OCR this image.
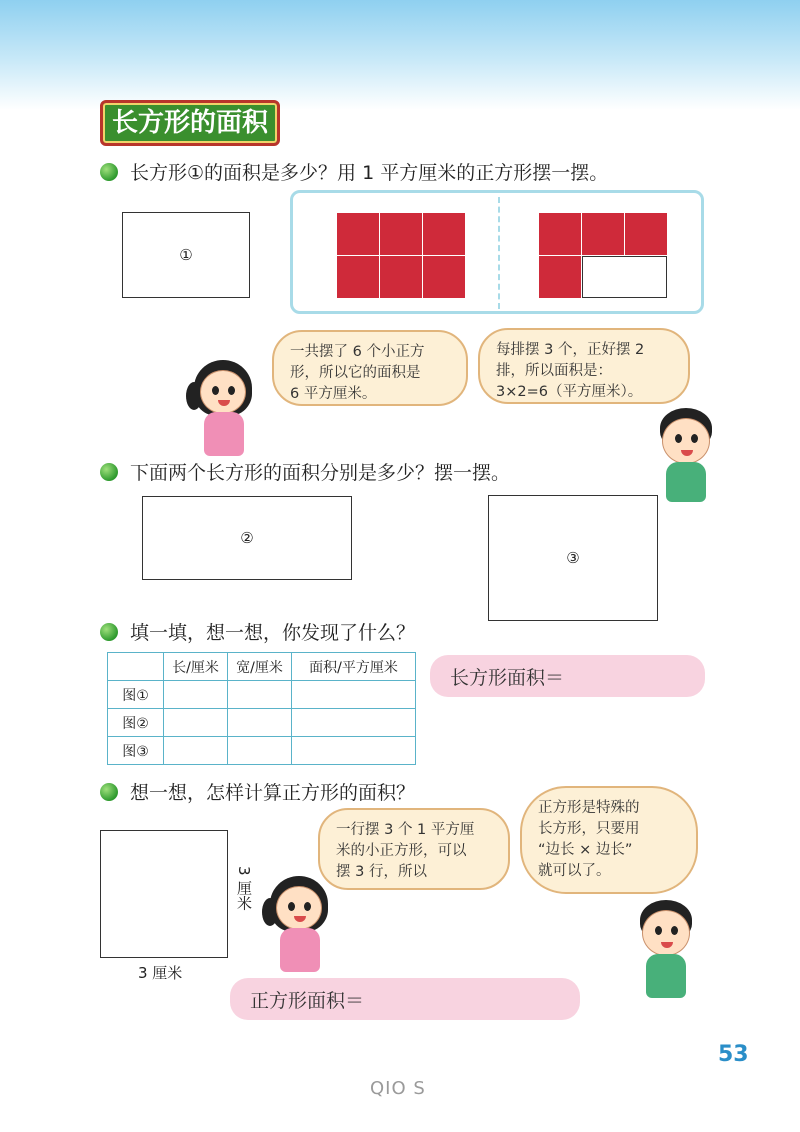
长方形的面积
长方形①的面积是多少？用 1 平方厘米的正方形摆一摆。
①

一共摆了 6 个小正方

形，所以它的面积是

6 平方厘米。

每排摆 3 个，正好摆 2

排，所以面积是：

3×2=6（平方厘米）。

下面两个长方形的面积分别是多少？摆一摆。
②
③
填一填，想一想，你发现了什么？
	长/厘米	宽/厘米	面积/平方厘米
图①			
图②			
图③			
长方形面积＝
想一想，怎样计算正方形的面积？
3 厘米
3 厘米

一行摆 3 个 1 平方厘

米的小正方形，可以

摆 3 行，所以

正方形是特殊的

长方形，只要用

“边长 × 边长”

就可以了。

正方形面积＝
53
QIO S
